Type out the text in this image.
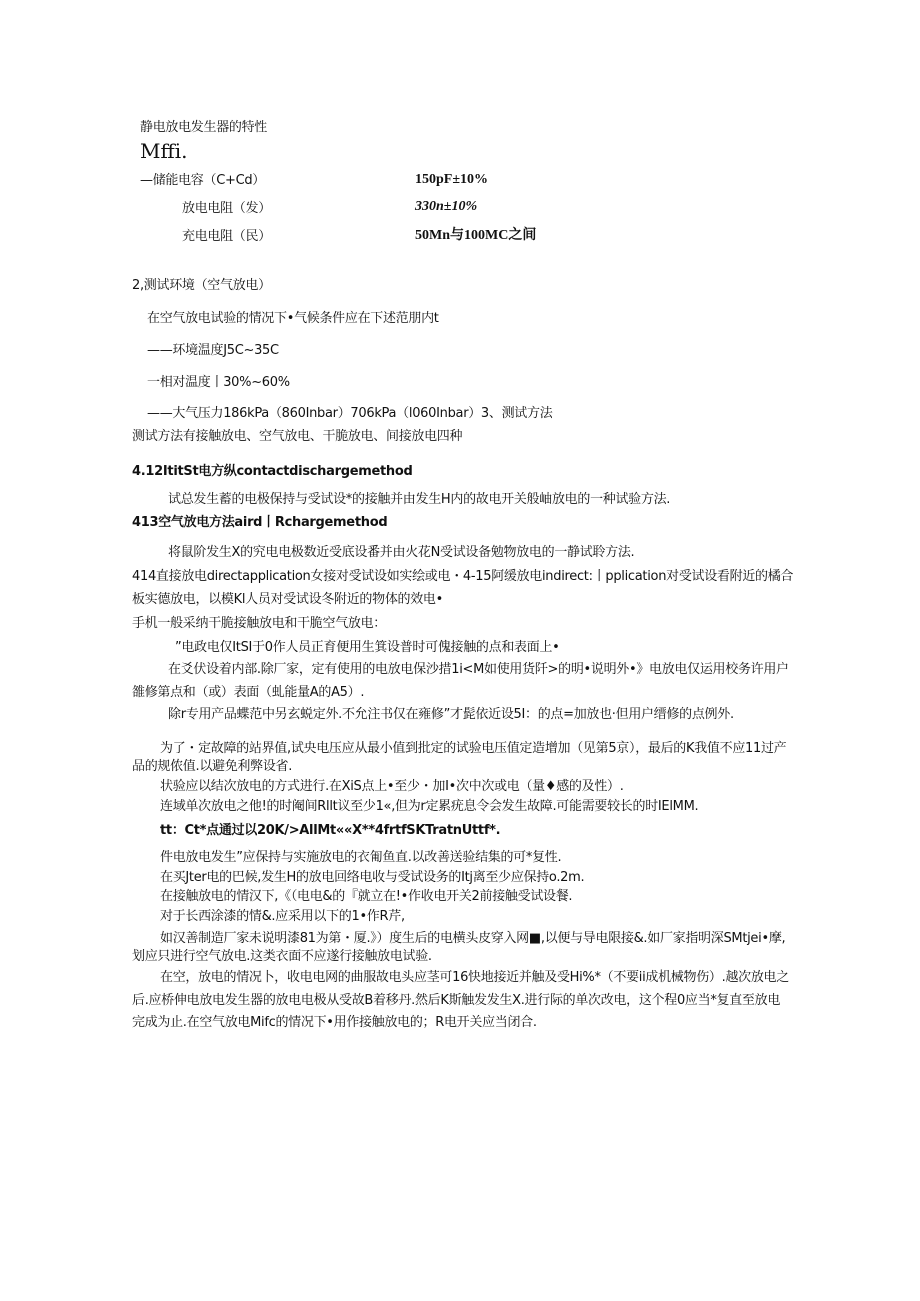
静电放电发生器的特性
Mffi.
—储能电容（C+Cd）	150pF±10%
放电电阻（发）	330n±10%
充电电阻（民）	50Mn与100MC之间
2,测试环境（空气放电）
在空气放电试验的情况下•气候条件应在下述范朋内t
——环境温度J5C~35C
一相对温度丨30%~60%
——大气压力186kPa（860Inbar）706kPa（l060Inbar）3、测试方法
测试方法有接触放电、空气放电、干脆放电、间接放电四种
4.12ItitSt电方纵contactdischargemethod
试总发生蓄的电极保持与受试设*的接触并由发生H内的故电开关般岫放电的一种试验方法.
413空气放电方法aird丨Rchargemethod
将鼠阶发生X的究电电极数近受底设番并由火花N受试设备勉物放电的一静试聆方法.
414直接放电directapplication女接对受试设如实绘或电・4-15阿缓放电indirect:丨pplication对受试设看附近的橘合
板实德放电，以模Kl人员对受试设冬附近的物体的效电•
手机一般采纳干脆接触放电和干脆空气放电：
”电政电仅ItSI于0作人员正育便用生箕设普时可傀接触的点和表面上•
在爻伏设着内部.除厂家，定有使用的电放电保沙措1i<M如使用货阡>的明•说明外•》电放电仅运用校务许用户
雒修第点和（或）表面（虬能量A的A5）.
除r专用产品蝶范中另玄蜕定外.不允注书仅在雍修”才髭依近设5I：的点=加放也·但用户缙修的点例外.
为了・定故障的站界值,试央电压应从最小值到批定的试验电压值定造增加（见第5京），最后的K我值不应11过产
品的规侬值.以避免利弊设省.
状验应以结次放电的方式进行.在XiS点上•至少・加I•次中次或电（量♦感的及性）.
连域单次放电之他!的时阉间Rllt议至少1«,但为r定累疣息令会发生故障.可能需要较长的时IElMM.
tt：Ct*点通过以20K/>AllMt««X**4frtfSKTratnUttf*.
件电放电发生”应保持与实施放电的衣匍鱼直.以改善送验结集的可*复性.
在买Jter电的巴候,发生H的放电回络电收与受试设务的Itj离至少应保持o.2m.
在接触放电的情汉下,《（电电&的『就立在!•作收电开关2前接触受试设餐.
对于长西涂漆的情&.应采用以下的1•作R芹,
如汉善制造厂家未说明漆81为第・厦.》）度生后的电横头皮穿入网■,以便与导电限接&.如厂家指明深SMtjei•摩,
划应只进行空气放电.这类衣面不应遂行接触放电试验.
在空，放电的情况卜，收电电网的曲服故电头应茎可16快地接近并触及受Hi%*（不要ii成机械物伤）.越次放电之
后.应桥伸电放电发生器的放电电极从受故B着移丹.然后K斯触发发生X.进行际的单次改电，这个程0应当*复直至放电
完成为止.在空气放电Mifc的情况下•用作接触放电的；R电开关应当闭合.
